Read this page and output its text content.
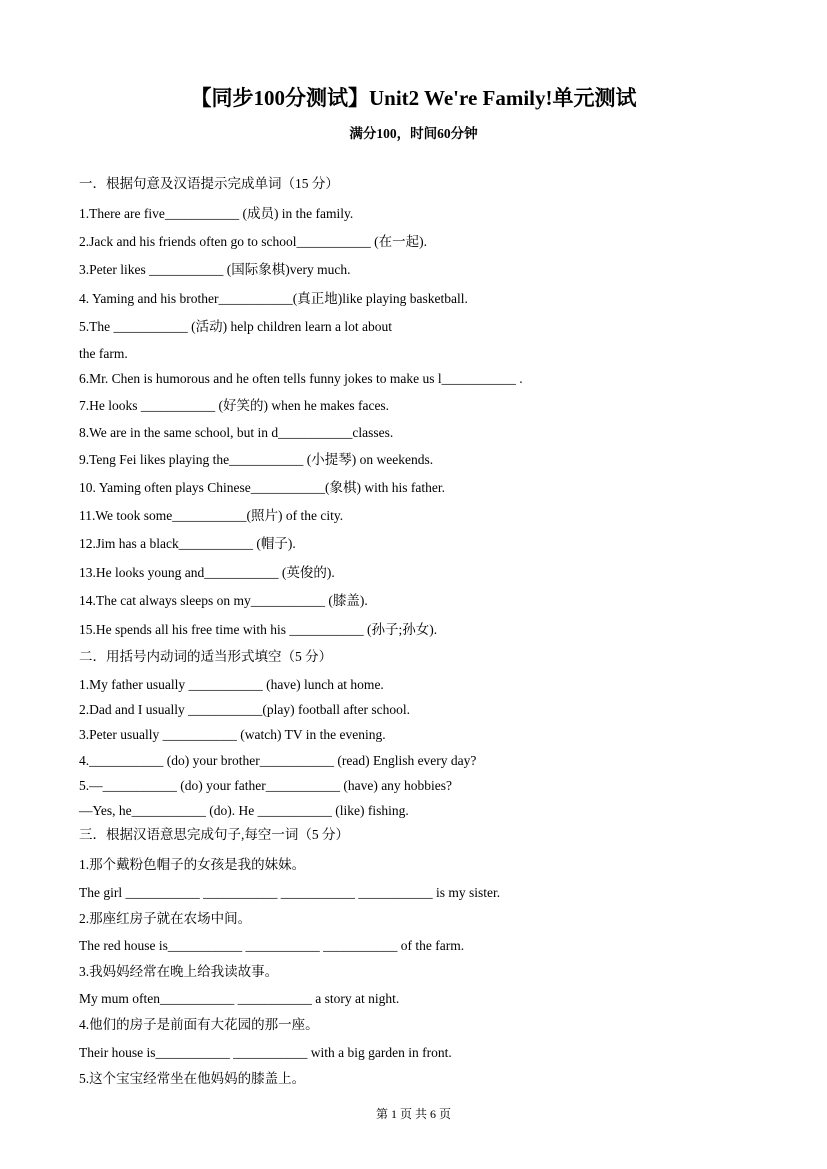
【同步100分测试】Unit2 We're Family!单元测试
满分100，时间60分钟
一．根据句意及汉语提示完成单词（15 分）
1.There are five___________ (成员) in the family.
2.Jack and his friends often go to school___________ (在一起).
3.Peter likes ___________ (国际象棋)very much.
4. Yaming and his brother___________(真正地)like playing basketball.
5.The ___________ (活动) help children learn a lot about
the farm.
6.Mr. Chen is humorous and he often tells funny jokes to make us l___________ .
7.He looks ___________ (好笑的) when he makes faces.
8.We are in the same school, but in d___________classes.
9.Teng Fei likes playing the___________ (小提琴) on weekends.
10. Yaming often plays Chinese___________(象棋) with his father.
11.We took some___________(照片) of the city.
12.Jim has a black___________ (帽子).
13.He looks young and___________ (英俊的).
14.The cat always sleeps on my___________ (膝盖).
15.He spends all his free time with his ___________ (孙子;孙女).
二．用括号内动词的适当形式填空（5 分）
1.My father usually ___________ (have) lunch at home.
2.Dad and I usually ___________(play) football after school.
3.Peter usually ___________ (watch) TV in the evening.
4.___________ (do) your brother___________ (read) English every day?
5.—___________ (do) your father___________ (have) any hobbies?
—Yes, he___________ (do). He ___________ (like) fishing.
三．根据汉语意思完成句子,每空一词（5 分）
1.那个戴粉色帽子的女孩是我的妹妹。
The girl ___________ ___________ ___________ ___________ is my sister.
2.那座红房子就在农场中间。
The red house is___________ ___________ ___________ of the farm.
3.我妈妈经常在晚上给我读故事。
My mum often___________ ___________ a story at night.
4.他们的房子是前面有大花园的那一座。
Their house is___________ ___________ with a big garden in front.
5.这个宝宝经常坐在他妈妈的膝盖上。
第 1 页 共 6 页
